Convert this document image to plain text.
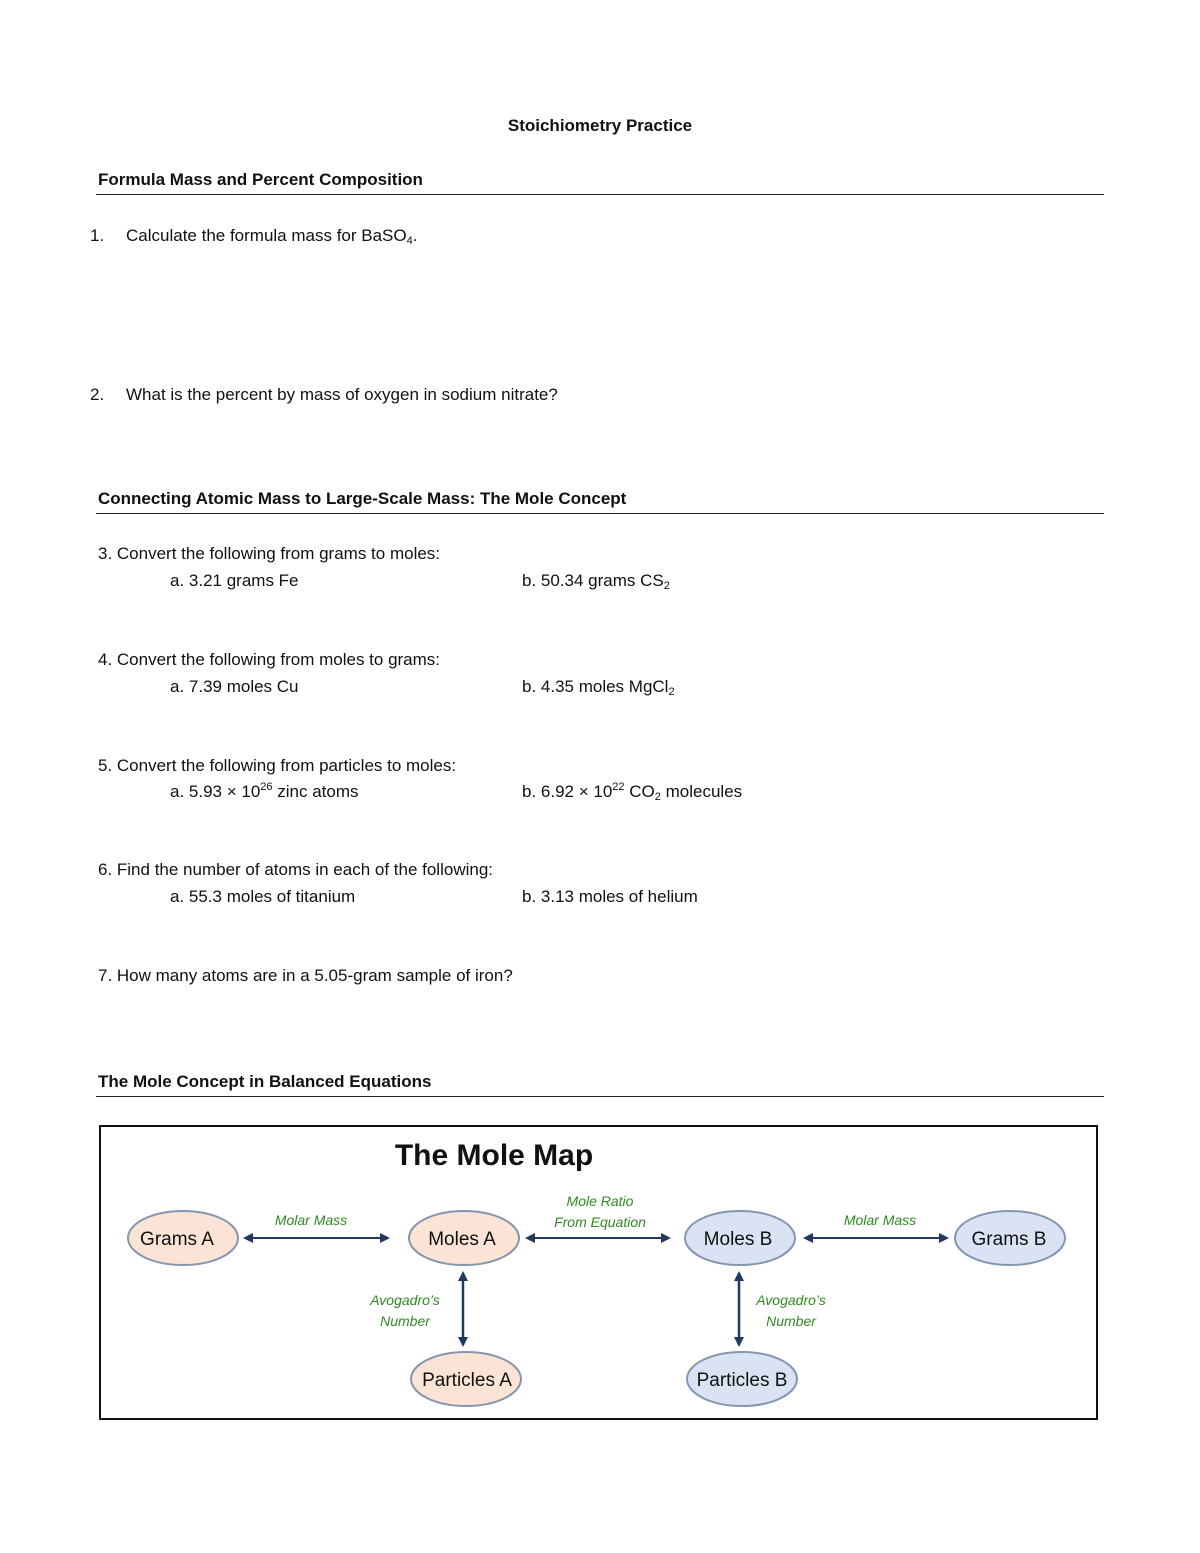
Stoichiometry Practice
Formula Mass and Percent Composition
1. Calculate the formula mass for BaSO$_4$.
2. What is the percent by mass of oxygen in sodium nitrate?
Connecting Atomic Mass to Large-Scale Mass: The Mole Concept
3. Convert the following from grams to moles:
a. 3.21 grams Fe	b. 50.34 grams $CS_2$
4. Convert the following from moles to grams:
a. 7.39 moles Cu	b. 4.35 moles MgCl$_2$
5. Convert the following from particles to moles:
a. $5.93 \times 10^{26}$ zinc atoms	b. $6.92 \times 10^{22}$ $CO_2$ molecules
6. Find the number of atoms in each of the following:
a. 55.3 moles of titanium	b. 3.13 moles of helium
7. How many atoms are in a 5.05-gram sample of iron?
The Mole Concept in Balanced Equations
The Mole Map
Grams A	Moles A	Moles B	Grams B
Particles A	Particles B
Molar Mass
Mole Ratio
From Equation	Molar Mass
Avogadro’s
Number
Avogadro’s
Number
